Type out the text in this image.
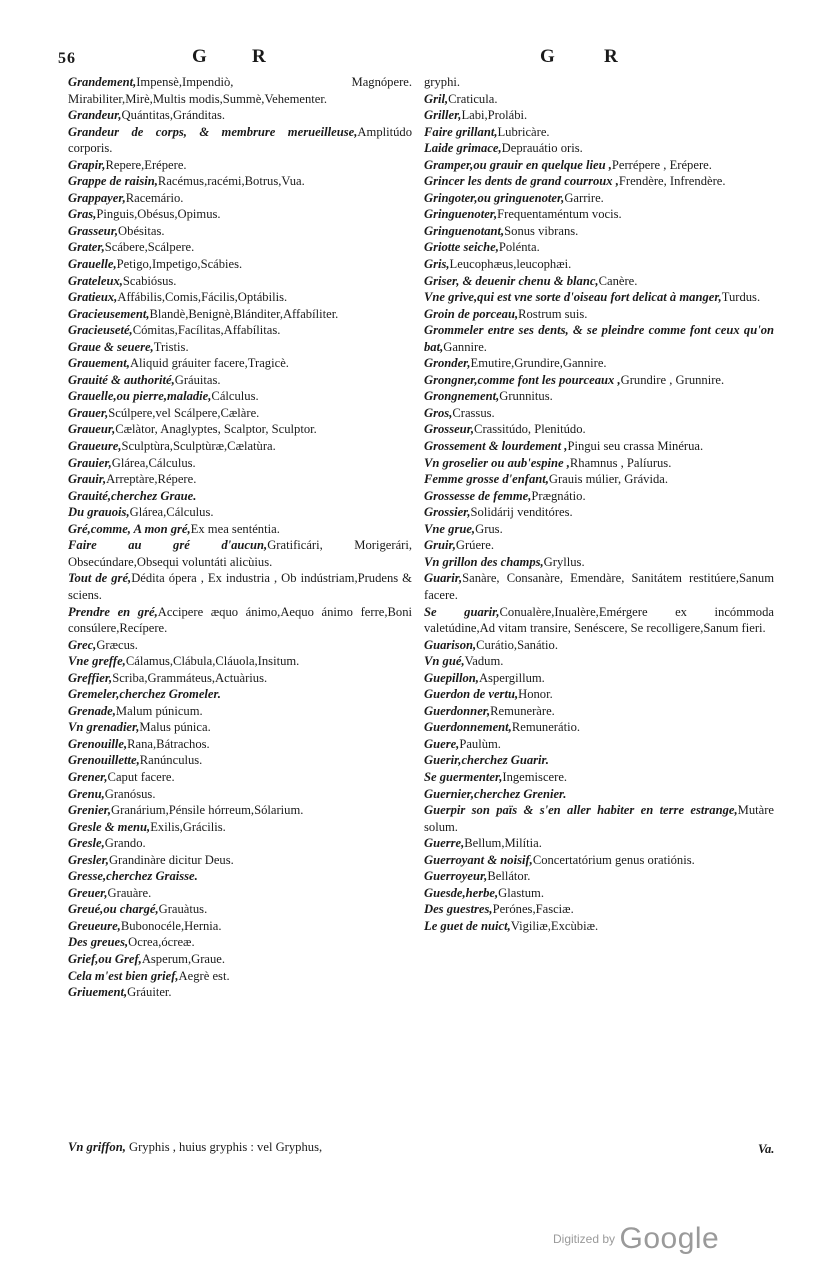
56	G R	G	R
Grandement,Impensè,Impendiò, Magnópere. Mirabiliter,Mirè,Multis modis,Summè,Vehementer.
Grandeur,Quántitas,Gránditas.
Grandeur de corps, & membrure merueilleuse,Amplitúdo corporis.
Grapir,Repere,Erépere.
Grappe de raisin,Racémus,racémi,Botrus,Vua.
Grappayer,Racemário.
Gras,Pinguis,Obésus,Opimus.
Grasseur,Obésitas.
Grater,Scábere,Scálpere.
Grauelle,Petigo,Impetigo,Scábies.
Grateleux,Scabiósus.
Gratieux,Affábilis,Comis,Fácilis,Optábilis.
Gracieusement,Blandè,Benignè,Blánditer,Affabíliter.
Gracieuseté,Cómitas,Facílitas,Affabílitas.
Graue & seuere,Tristis.
Grauement,Aliquid gráuiter facere,Tragicè.
Grauité & authorité,Gráuitas.
Grauelle,ou pierre,maladie,Cálculus.
Grauer,Scúlpere,vel Scálpere,Cælàre.
Graueur,Cælàtor, Anaglyptes, Scalptor, Sculptor.
Graueure,Sculptùra,Sculptùræ,Cælatùra.
Grauier,Glárea,Cálculus.
Grauir,Arreptàre,Répere.
Grauité,cherchez Graue.
Du grauois,Glárea,Cálculus.
Gré,comme, A mon gré,Ex mea senténtia.
Faire au gré d'aucun,Gratificári, Morigerári, Obsecúndare,Obsequi voluntáti alicùius.
Tout de gré,Dédita ópera , Ex industria , Ob indústriam,Prudens & sciens.
Prendre en gré,Accipere æquo ánimo,Aequo ánimo ferre,Boni consúlere,Recípere.
Grec,Græcus.
Vne greffe,Cálamus,Clábula,Cláuola,Insitum.
Greffier,Scriba,Grammáteus,Actuàrius.
Gremeler,cherchez Gromeler.
Grenade,Malum púnicum.
Vn grenadier,Malus púnica.
Grenouille,Rana,Bátrachos.
Grenouillette,Ranúnculus.
Grener,Caput facere.
Grenu,Granósus.
Grenier,Granárium,Pénsile hórreum,Sólarium.
Gresle & menu,Exilis,Grácilis.
Gresle,Grando.
Gresler,Grandinàre dicitur Deus.
Gresse,cherchez Graisse.
Greuer,Grauàre.
Greué,ou chargé,Grauàtus.
Greueure,Bubonocéle,Hernia.
Des greues,Ocrea,ócreæ.
Grief,ou Gref,Asperum,Graue.
Cela m'est bien grief,Aegrè est.
Griuement,Gráuiter.
gryphi.
Gril,Craticula.
Griller,Labi,Prolábi.
Faire grillant,Lubricàre.
Laide grimace,Deprauátio oris.
Gramper,ou grauir en quelque lieu ,Perrépere , Erépere.
Grincer les dents de grand courroux ,Frendère, Infrendère.
Gringoter,ou gringuenoter,Garrire.
Gringuenoter,Frequentaméntum vocis.
Gringuenotant,Sonus vibrans.
Griotte seiche,Polénta.
Gris,Leucophæus,leucophæi.
Griser, & deuenir chenu & blanc,Canère.
Vne grive,qui est vne sorte d'oiseau fort delicat à manger,Turdus.
Groin de porceau,Rostrum suis.
Grommeler entre ses dents, & se pleindre comme font ceux qu'on bat,Gannire.
Gronder,Emutire,Grundire,Gannire.
Grongner,comme font les pourceaux ,Grundire , Grunnire.
Grongnement,Grunnitus.
Gros,Crassus.
Grosseur,Crassitúdo, Plenitúdo.
Grossement & lourdement ,Pingui seu crassa Minérua.
Vn groselier ou aub'espine ,Rhamnus , Palíurus.
Femme grosse d'enfant,Grauis múlier, Grávida.
Grossesse de femme,Prægnátio.
Grossier,Solidárij venditóres.
Vne grue,Grus.
Gruir,Grúere.
Vn grillon des champs,Gryllus.
Guarir,Sanàre, Consanàre, Emendàre, Sanitátem restitúere,Sanum facere.
Se guarir,Conualère,Inualère,Emérgere ex incómmoda valetúdine,Ad vitam transire, Senéscere, Se recolligere,Sanum fieri.
Guarison,Curátio,Sanátio.
Vn gué,Vadum.
Guepillon,Aspergillum.
Guerdon de vertu,Honor.
Guerdonner,Remuneràre.
Guerdonnement,Remunerátio.
Guere,Paulùm.
Guerir,cherchez Guarir.
Se guermenter,Ingemiscere.
Guernier,cherchez Grenier.
Guerpir son païs & s'en aller habiter en terre estrange,Mutàre solum.
Guerre,Bellum,Milítia.
Guerroyant & noisif,Concertatórium genus oratiónis.
Guerroyeur,Bellátor.
Guesde,herbe,Glastum.
Des guestres,Perónes,Fasciæ.
Le guet de nuict,Vigiliæ,Excùbiæ.
Vn griffon, Gryphis , huius gryphis : vel Gryphus,	Va.
Digitized by Google
